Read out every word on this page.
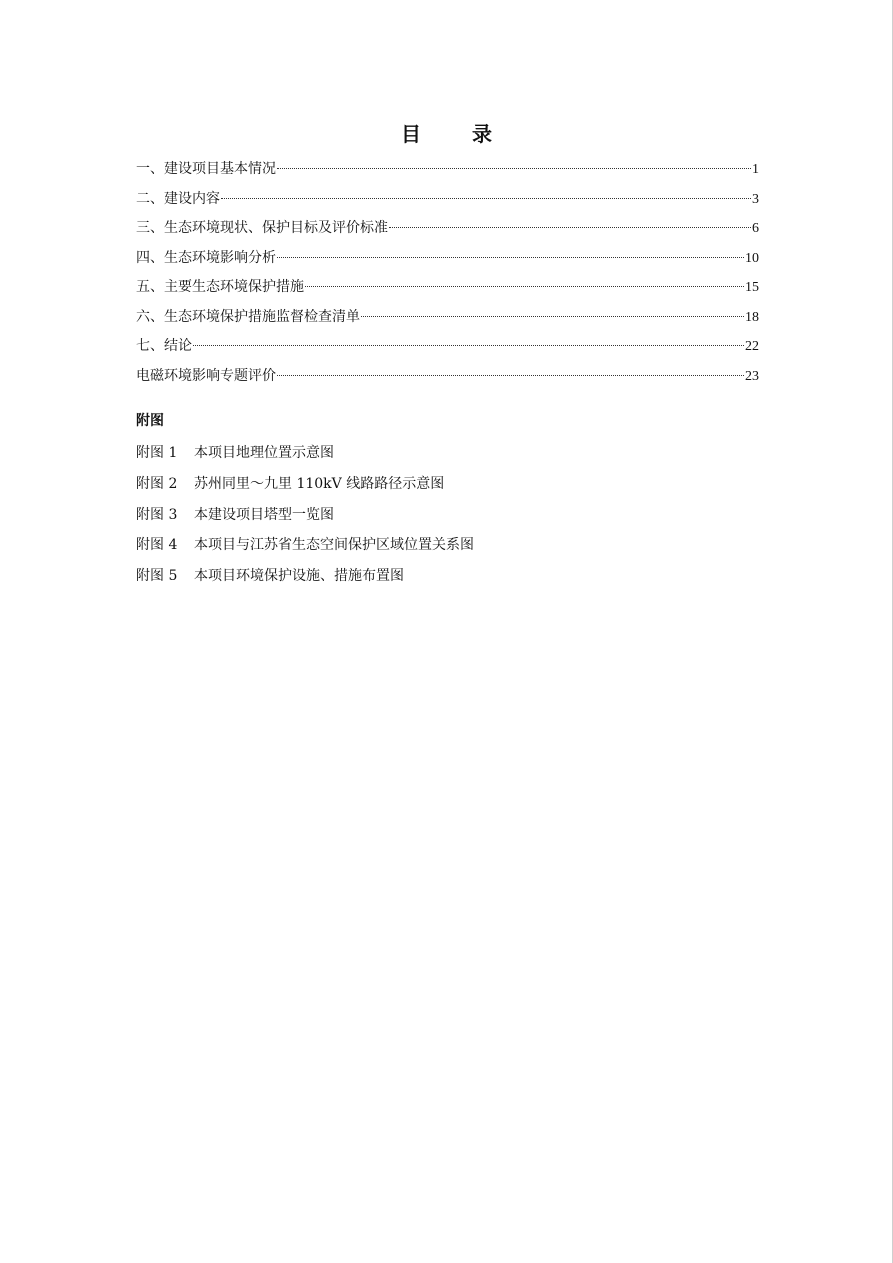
目 录
一、建设项目基本情况	1
二、建设内容	3
三、生态环境现状、保护目标及评价标准	6
四、生态环境影响分析	10
五、主要生态环境保护措施	15
六、生态环境保护措施监督检查清单	18
七、结论	22
电磁环境影响专题评价	23
附图
附图 1	本项目地理位置示意图
附图 2	苏州同里～九里 110kV 线路路径示意图
附图 3	本建设项目塔型一览图
附图 4	本项目与江苏省生态空间保护区域位置关系图
附图 5	本项目环境保护设施、措施布置图
